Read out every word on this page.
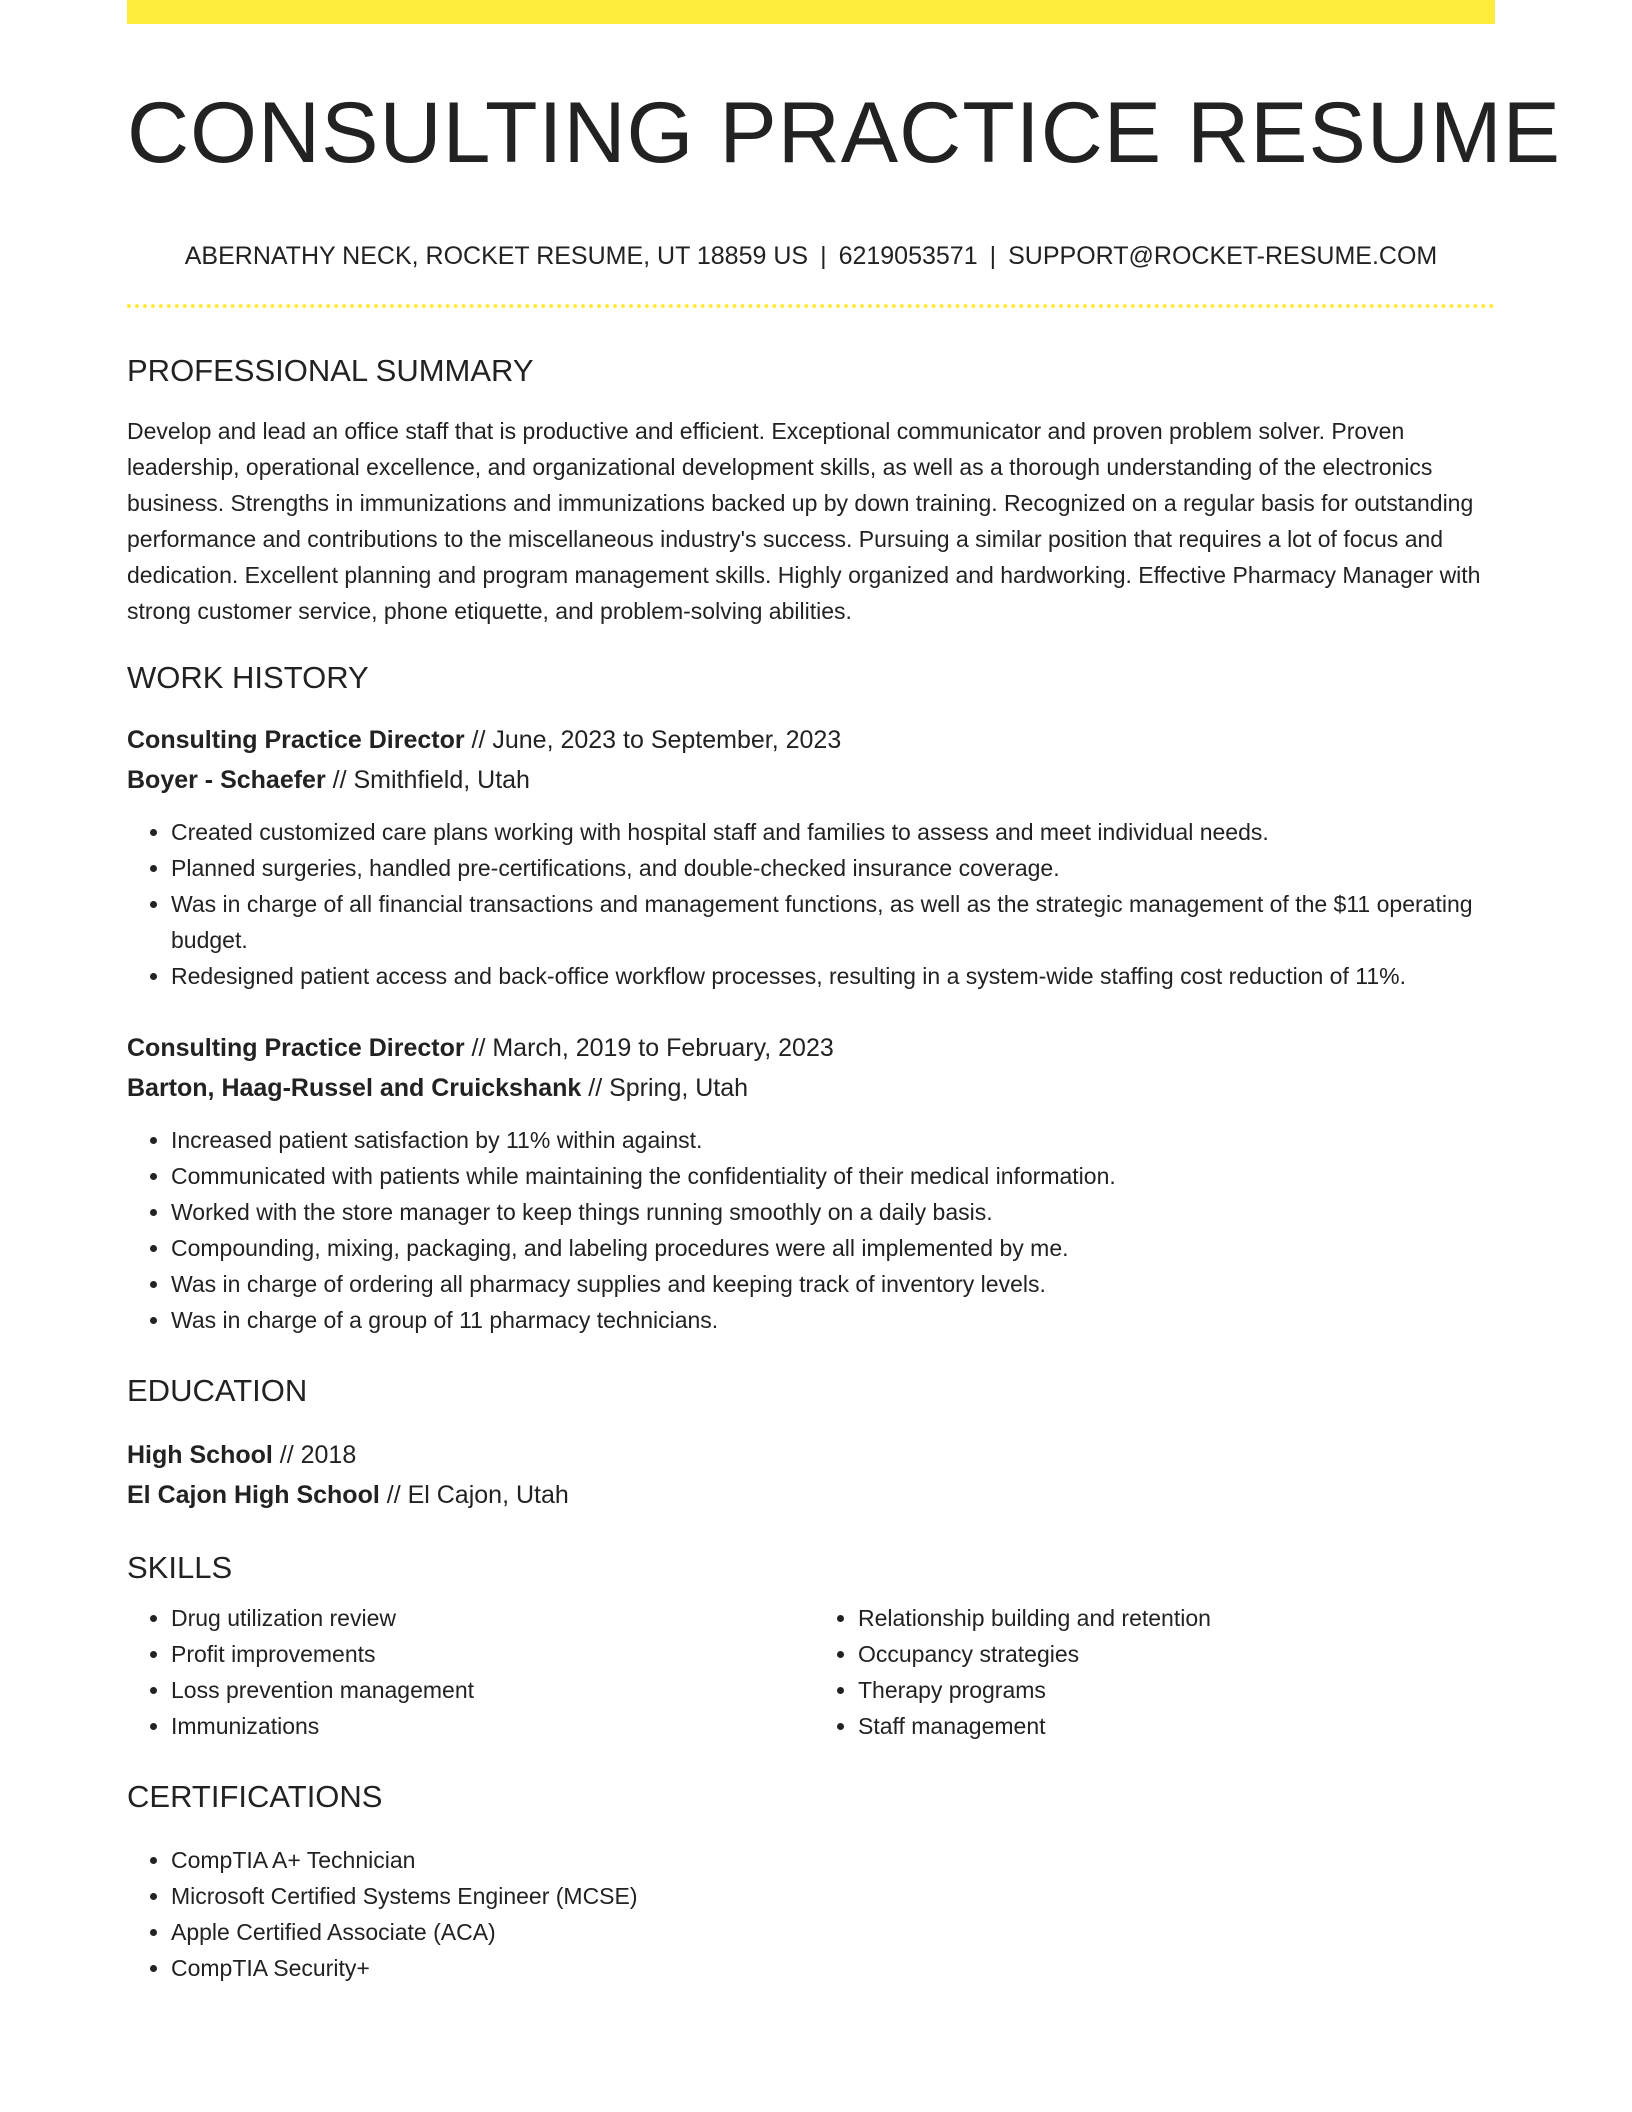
CONSULTING PRACTICE RESUME
ABERNATHY NECK, ROCKET RESUME, UT 18859 US | 6219053571 | SUPPORT@ROCKET-RESUME.COM
PROFESSIONAL SUMMARY
Develop and lead an office staff that is productive and efficient. Exceptional communicator and proven problem solver. Proven leadership, operational excellence, and organizational development skills, as well as a thorough understanding of the electronics business. Strengths in immunizations and immunizations backed up by down training. Recognized on a regular basis for outstanding performance and contributions to the miscellaneous industry's success. Pursuing a similar position that requires a lot of focus and dedication. Excellent planning and program management skills. Highly organized and hardworking. Effective Pharmacy Manager with strong customer service, phone etiquette, and problem-solving abilities.
WORK HISTORY
Consulting Practice Director // June, 2023 to September, 2023
Boyer - Schaefer // Smithfield, Utah
• Created customized care plans working with hospital staff and families to assess and meet individual needs.
• Planned surgeries, handled pre-certifications, and double-checked insurance coverage.
• Was in charge of all financial transactions and management functions, as well as the strategic management of the $11 operating budget.
• Redesigned patient access and back-office workflow processes, resulting in a system-wide staffing cost reduction of 11%.
Consulting Practice Director // March, 2019 to February, 2023
Barton, Haag-Russel and Cruickshank // Spring, Utah
• Increased patient satisfaction by 11% within against.
• Communicated with patients while maintaining the confidentiality of their medical information.
• Worked with the store manager to keep things running smoothly on a daily basis.
• Compounding, mixing, packaging, and labeling procedures were all implemented by me.
• Was in charge of ordering all pharmacy supplies and keeping track of inventory levels.
• Was in charge of a group of 11 pharmacy technicians.
EDUCATION
High School // 2018
El Cajon High School // El Cajon, Utah
SKILLS
• Drug utilization review
• Profit improvements
• Loss prevention management
• Immunizations
• Relationship building and retention
• Occupancy strategies
• Therapy programs
• Staff management
CERTIFICATIONS
• CompTIA A+ Technician
• Microsoft Certified Systems Engineer (MCSE)
• Apple Certified Associate (ACA)
• CompTIA Security+
